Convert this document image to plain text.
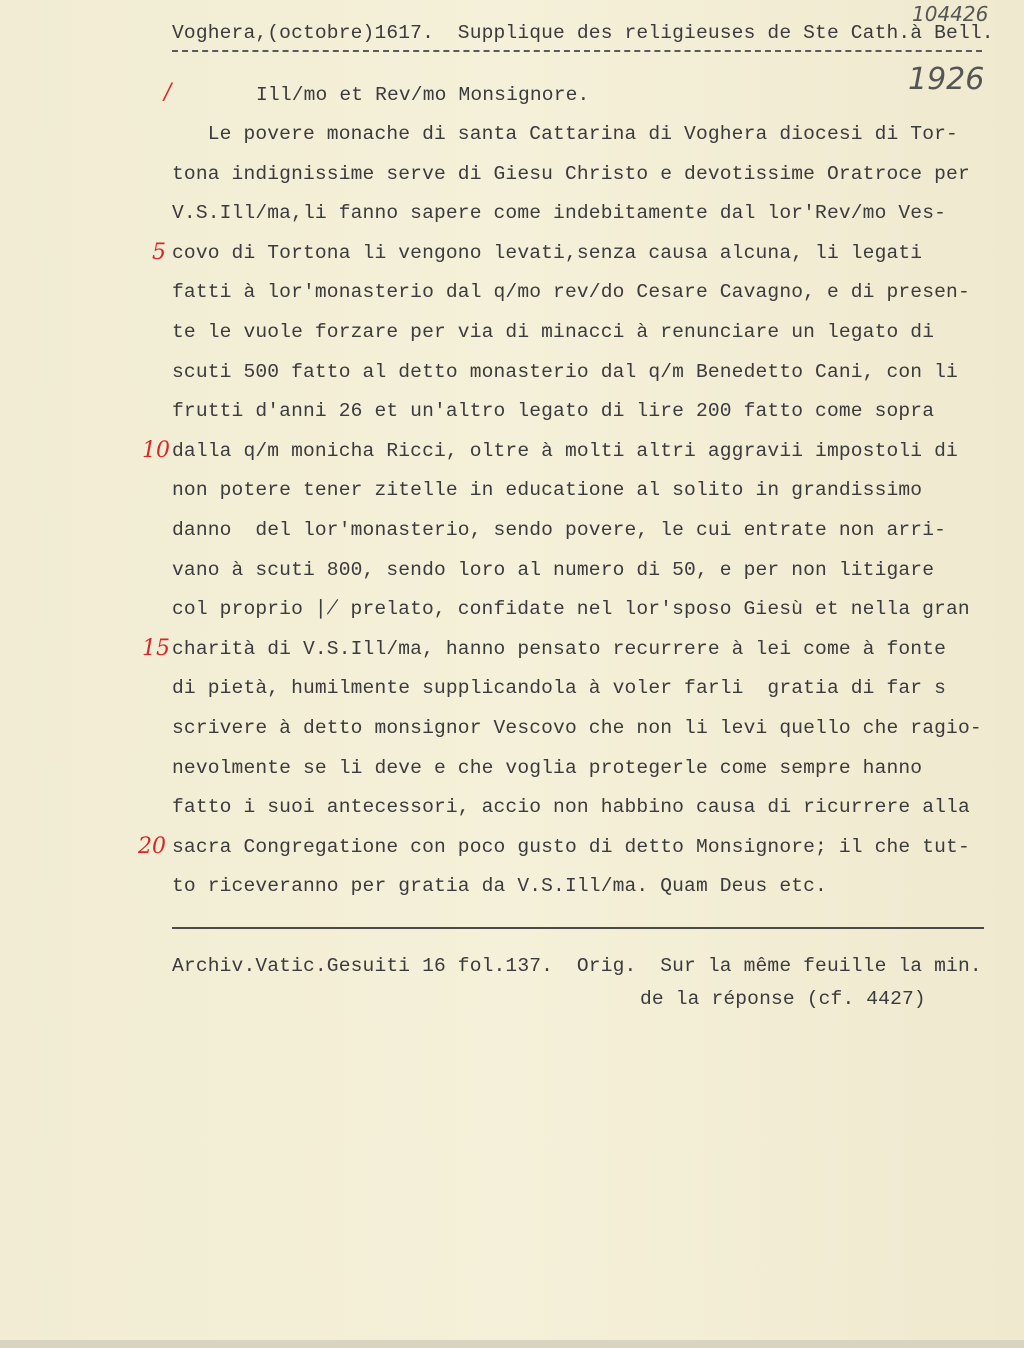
Voghera,(octobre)1617.  Supplique des religieuses de Ste Cath.à Bell.
104426
1926
Ill/mo et Rev/mo Monsignore.
Le povere monache di santa Cattarina di Voghera diocesi di Tor-
tona indignissime serve di Giesu Christo e devotissime Oratroce per
V.S.Ill/ma,li fanno sapere come indebitamente dal lor'Rev/mo Ves-
covo di Tortona li vengono levati,senza causa alcuna, li legati
fatti à lor'monasterio dal q/mo rev/do Cesare Cavagno, e di presen-
te le vuole forzare per via di minacci à renunciare un legato di
scuti 500 fatto al detto monasterio dal q/m Benedetto Cani, con li
frutti d'anni 26 et un'altro legato di lire 200 fatto come sopra
dalla q/m monicha Ricci, oltre à molti altri aggravii impostoli di
non potere tener zitelle in educatione al solito in grandissimo
danno  del lor'monasterio, sendo povere, le cui entrate non arri-
vano à scuti 800, sendo loro al numero di 50, e per non litigare
col proprio ∤ prelato, confidate nel lor'sposo Giesù et nella gran
charità di V.S.Ill/ma, hanno pensato recurrere à lei come à fonte
di pietà, humilmente supplicandola à voler farli  gratia di far s
scrivere à detto monsignor Vescovo che non li levi quello che ragio-
nevolmente se li deve e che voglia protegerle come sempre hanno
fatto i suoi antecessori, accio non habbino causa di ricurrere alla
sacra Congregatione con poco gusto di detto Monsignore; il che tut-
to riceveranno per gratia da V.S.Ill/ma. Quam Deus etc.
/
5
10
15
20
Archiv.Vatic.Gesuiti 16 fol.137.  Orig.  Sur la même feuille la min.
de la réponse (cf. 4427)
